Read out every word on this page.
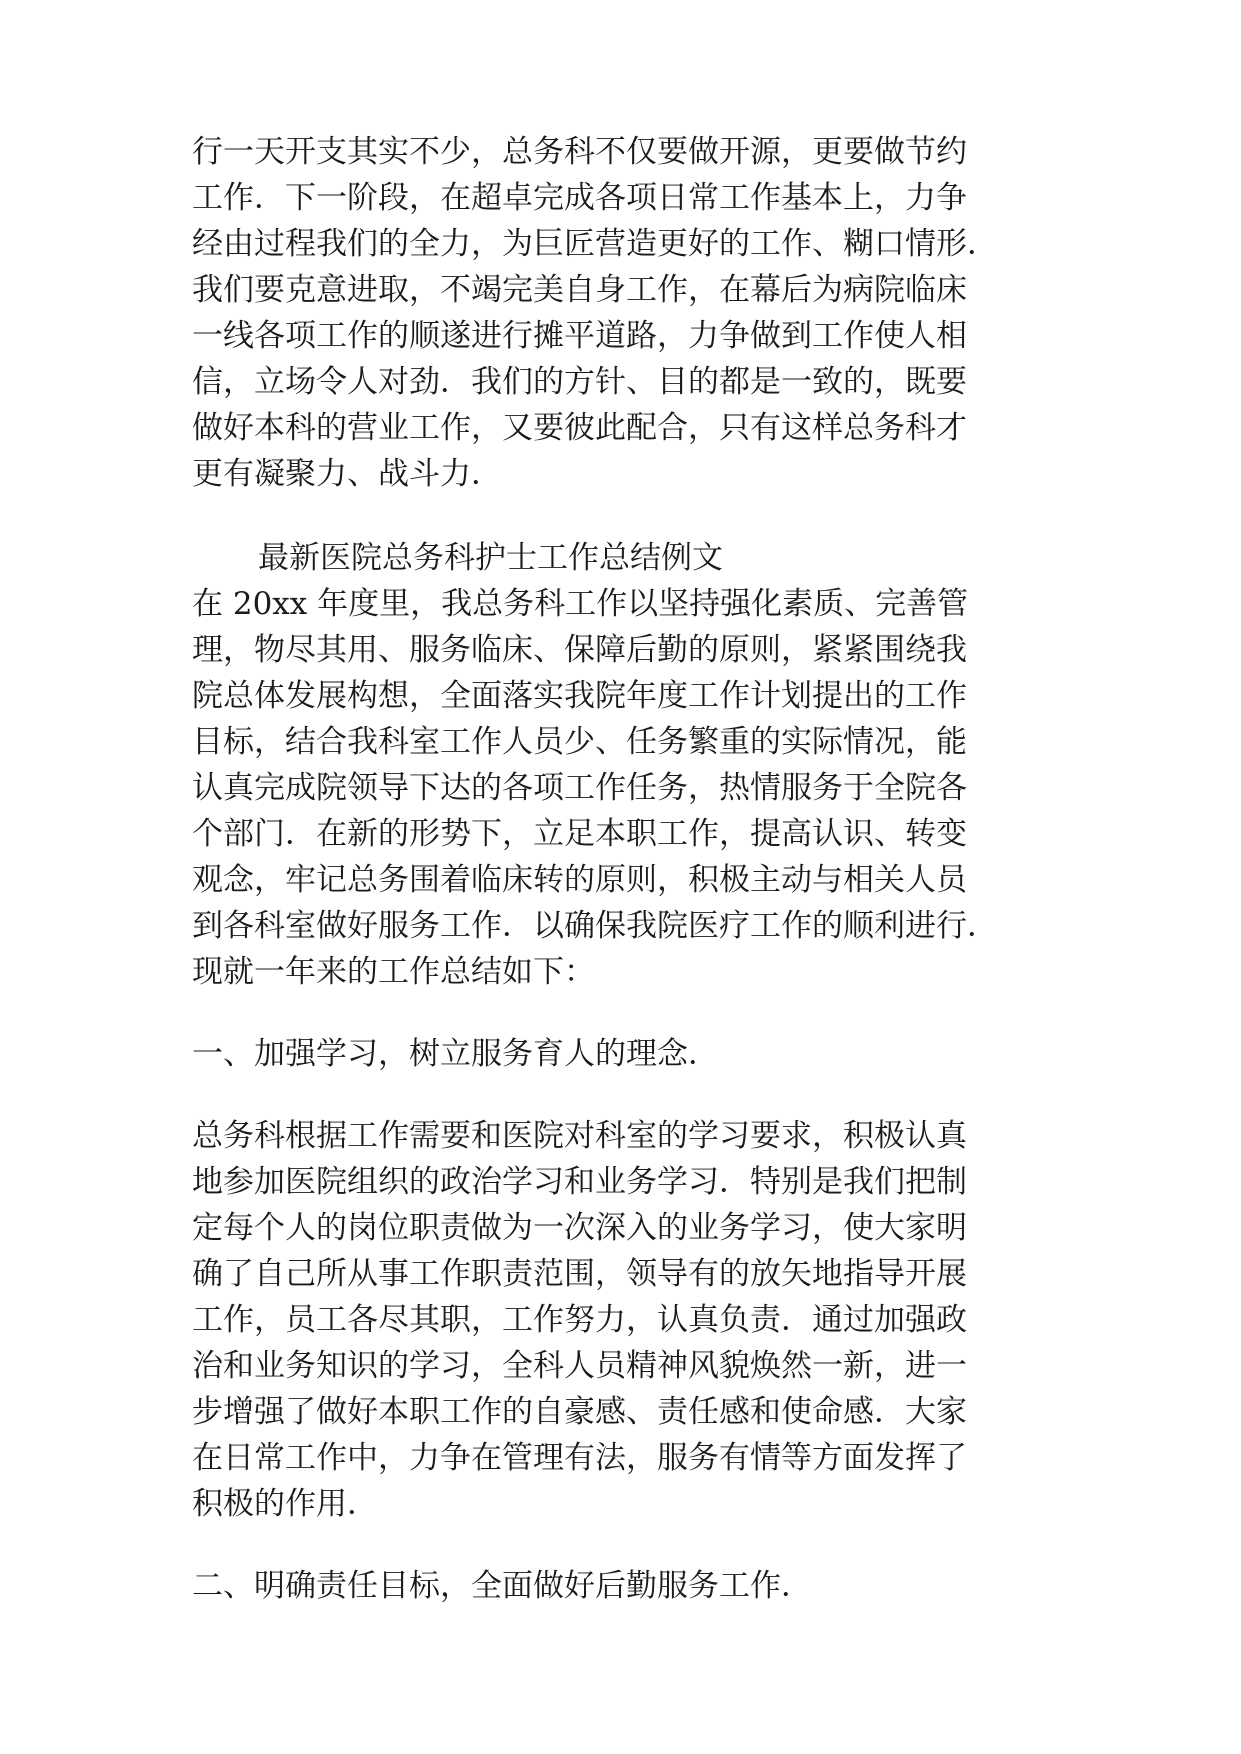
行一天开支其实不少，总务科不仅要做开源，更要做节约
工作．下一阶段，在超卓完成各项日常工作基本上，力争
经由过程我们的全力，为巨匠营造更好的工作、糊口情形．
我们要克意进取，不竭完美自身工作，在幕后为病院临床
一线各项工作的顺遂进行摊平道路，力争做到工作使人相
信，立场令人对劲．我们的方针、目的都是一致的，既要
做好本科的营业工作，又要彼此配合，只有这样总务科才
更有凝聚力、战斗力．
最新医院总务科护士工作总结例文
在 20xx 年度里，我总务科工作以坚持强化素质、完善管
理，物尽其用、服务临床、保障后勤的原则，紧紧围绕我
院总体发展构想，全面落实我院年度工作计划提出的工作
目标，结合我科室工作人员少、任务繁重的实际情况，能
认真完成院领导下达的各项工作任务，热情服务于全院各
个部门．在新的形势下，立足本职工作，提高认识、转变
观念，牢记总务围着临床转的原则，积极主动与相关人员
到各科室做好服务工作．以确保我院医疗工作的顺利进行．
现就一年来的工作总结如下：
一、加强学习，树立服务育人的理念．
总务科根据工作需要和医院对科室的学习要求，积极认真
地参加医院组织的政治学习和业务学习．特别是我们把制
定每个人的岗位职责做为一次深入的业务学习，使大家明
确了自己所从事工作职责范围，领导有的放矢地指导开展
工作，员工各尽其职，工作努力，认真负责．通过加强政
治和业务知识的学习，全科人员精神风貌焕然一新，进一
步增强了做好本职工作的自豪感、责任感和使命感．大家
在日常工作中，力争在管理有法，服务有情等方面发挥了
积极的作用．
二、明确责任目标，全面做好后勤服务工作．
